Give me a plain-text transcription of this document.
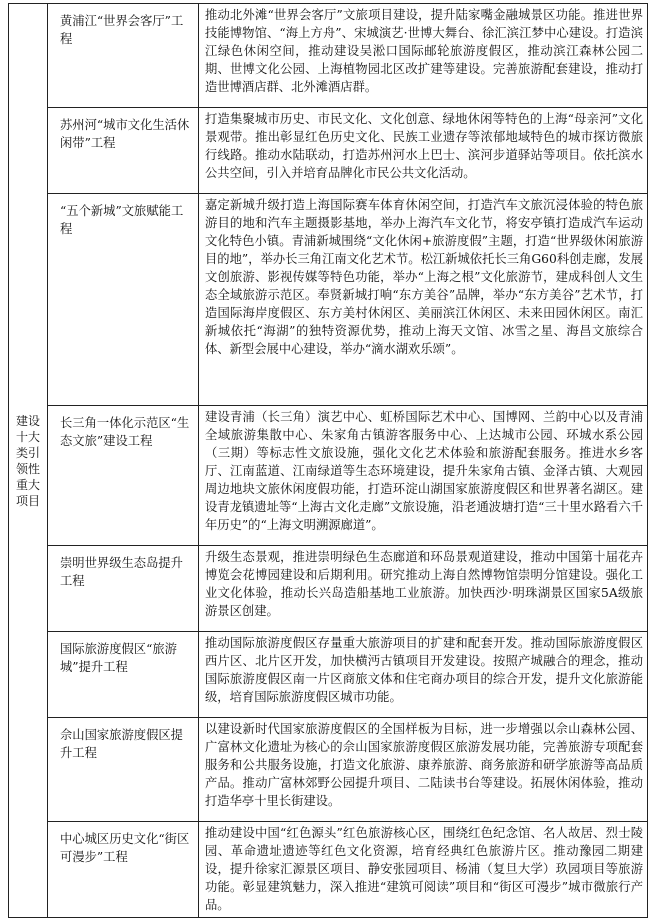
建设十大类引领性重大项目	黄浦江“世界会客厅”工程	推动北外滩“世界会客厅”文旅项目建设，提升陆家嘴金融城景区功能。推进世界技能博物馆、“海上方舟”、宋城演艺·世博大舞台、徐汇滨江梦中心建设。打造滨江绿色休闲空间，推动建设吴淞口国际邮轮旅游度假区，推动滨江森林公园二期、世博文化公园、上海植物园北区改扩建等建设。完善旅游配套建设，推动打造世博酒店群、北外滩酒店群。
	苏州河“城市文化生活休闲带”工程	打造集聚城市历史、市民文化、文化创意、绿地休闲等特色的上海“母亲河”文化景观带。推出彰显红色历史文化、民族工业遗存等浓郁地域特色的城市探访微旅行线路。推动水陆联动，打造苏州河水上巴士、滨河步道驿站等项目。依托滨水公共空间，引入并培育品牌化市民公共文化活动。
	“五个新城”文旅赋能工程	嘉定新城升级打造上海国际赛车体育休闲空间，打造汽车文旅沉浸体验的特色旅游目的地和汽车主题摄影基地，举办上海汽车文化节，将安亭镇打造成汽车运动文化特色小镇。青浦新城围绕“文化休闲+旅游度假”主题，打造“世界级休闲旅游目的地”，举办长三角江南文化艺术节。松江新城依托长三角G60科创走廊，发展文创旅游、影视传媒等特色功能，举办“上海之根”文化旅游节，建成科创人文生态全域旅游示范区。奉贤新城打响“东方美谷”品牌，举办“东方美谷”艺术节，打造国际海岸度假区、东方美村休闲区、美丽滨江休闲区、未来田园休闲区。南汇新城依托“海湖”的独特资源优势，推动上海天文馆、冰雪之星、海昌文旅综合体、新型会展中心建设，举办“滴水湖欢乐颂”。
	长三角一体化示范区“生态文旅”建设工程	建设青浦（长三角）演艺中心、虹桥国际艺术中心、国博网、兰韵中心以及青浦全域旅游集散中心、朱家角古镇游客服务中心、上达城市公园、环城水系公园（三期）等标志性文旅设施，强化文化艺术体验和旅游配套服务。推进水乡客厅、江南蓝道、江南绿道等生态环境建设，提升朱家角古镇、金泽古镇、大观园周边地块文旅休闲度假功能，打造环淀山湖国家旅游度假区和世界著名湖区。建设青龙镇遗址等“上海古文化走廊”文旅设施，沿老通波塘打造“三十里水路看六千年历史”的“上海文明溯源廊道”。
	崇明世界级生态岛提升工程	升级生态景观，推进崇明绿色生态廊道和环岛景观道建设，推动中国第十届花卉博览会花博园建设和后期利用。研究推动上海自然博物馆崇明分馆建设。强化工业文化体验，推动长兴岛造船基地工业旅游。加快西沙·明珠湖景区国家5A级旅游景区创建。
	国际旅游度假区“旅游城”提升工程	推动国际旅游度假区存量重大旅游项目的扩建和配套开发。推动国际旅游度假区西片区、北片区开发，加快横沔古镇项目开发建设。按照产城融合的理念，推动国际旅游度假区南一片区商旅文体和住宅商办项目的综合开发，提升文化旅游能级，培育国际旅游度假区城市功能。
	佘山国家旅游度假区提升工程	以建设新时代国家旅游度假区的全国样板为目标，进一步增强以佘山森林公园、广富林文化遗址为核心的佘山国家旅游度假区旅游发展功能，完善旅游专项配套服务和公共服务设施，打造文化旅游、康养旅游、商务旅游和研学旅游等高品质产品。推动广富林郊野公园提升项目、二陆读书台等建设。拓展休闲体验，推动打造华亭十里长街建设。
	中心城区历史文化“街区可漫步”工程	推动建设中国“红色源头”红色旅游核心区，围绕红色纪念馆、名人故居、烈士陵园、革命遗址遗迹等红色文化资源，培育经典红色旅游片区。推动豫园二期建设，提升徐家汇源景区项目、静安张园项目、杨浦（复旦大学）玖园项目等旅游功能。彰显建筑魅力，深入推进“建筑可阅读”项目和“街区可漫步”城市微旅行产品。
